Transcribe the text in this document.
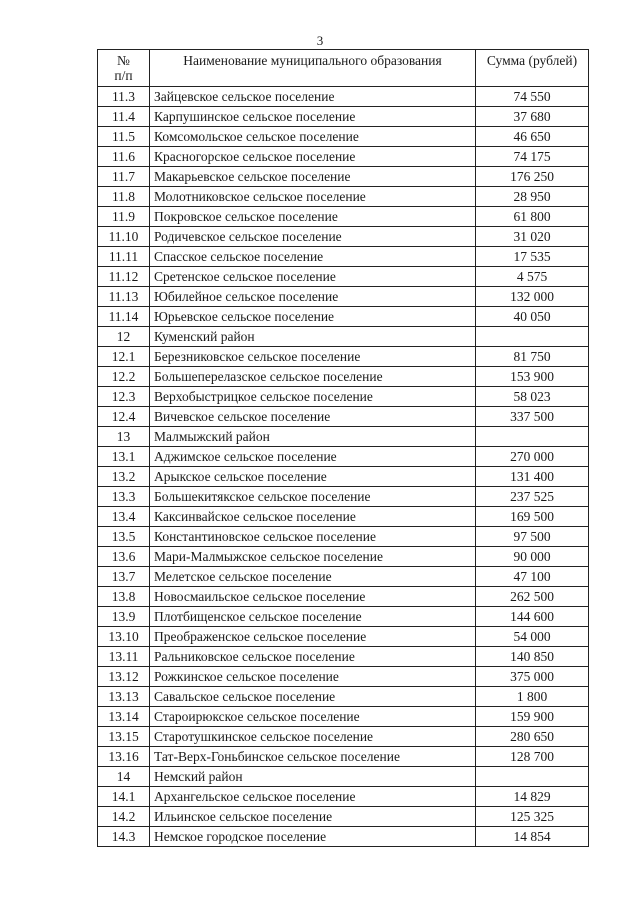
3
№
п/п	Наименование муниципального образования	Сумма (рублей)
11.3	Зайцевское сельское поселение	74 550
11.4	Карпушинское сельское поселение	37 680
11.5	Комсомольское сельское поселение	46 650
11.6	Красногорское сельское поселение	74 175
11.7	Макарьевское сельское поселение	176 250
11.8	Молотниковское сельское поселение	28 950
11.9	Покровское сельское поселение	61 800
11.10	Родичевское сельское поселение	31 020
11.11	Спасское сельское поселение	17 535
11.12	Сретенское сельское поселение	4 575
11.13	Юбилейное сельское поселение	132 000
11.14	Юрьевское сельское поселение	40 050
12	Куменский район	
12.1	Березниковское сельское поселение	81 750
12.2	Большеперелазское сельское поселение	153 900
12.3	Верхобыстрицкое сельское поселение	58 023
12.4	Вичевское сельское поселение	337 500
13	Малмыжский район	
13.1	Аджимское сельское поселение	270 000
13.2	Арыкское сельское поселение	131 400
13.3	Большекитякское сельское поселение	237 525
13.4	Каксинвайское сельское поселение	169 500
13.5	Константиновское сельское поселение	97 500
13.6	Мари-Малмыжское сельское поселение	90 000
13.7	Мелетское сельское поселение	47 100
13.8	Новосмаильское сельское поселение	262 500
13.9	Плотбищенское сельское поселение	144 600
13.10	Преображенское сельское поселение	54 000
13.11	Ральниковское сельское поселение	140 850
13.12	Рожкинское сельское поселение	375 000
13.13	Савальское сельское поселение	1 800
13.14	Староирюкское сельское поселение	159 900
13.15	Старотушкинское сельское поселение	280 650
13.16	Тат-Верх-Гоньбинское сельское поселение	128 700
14	Немский район	
14.1	Архангельское сельское поселение	14 829
14.2	Ильинское сельское поселение	125 325
14.3	Немское городское поселение	14 854
